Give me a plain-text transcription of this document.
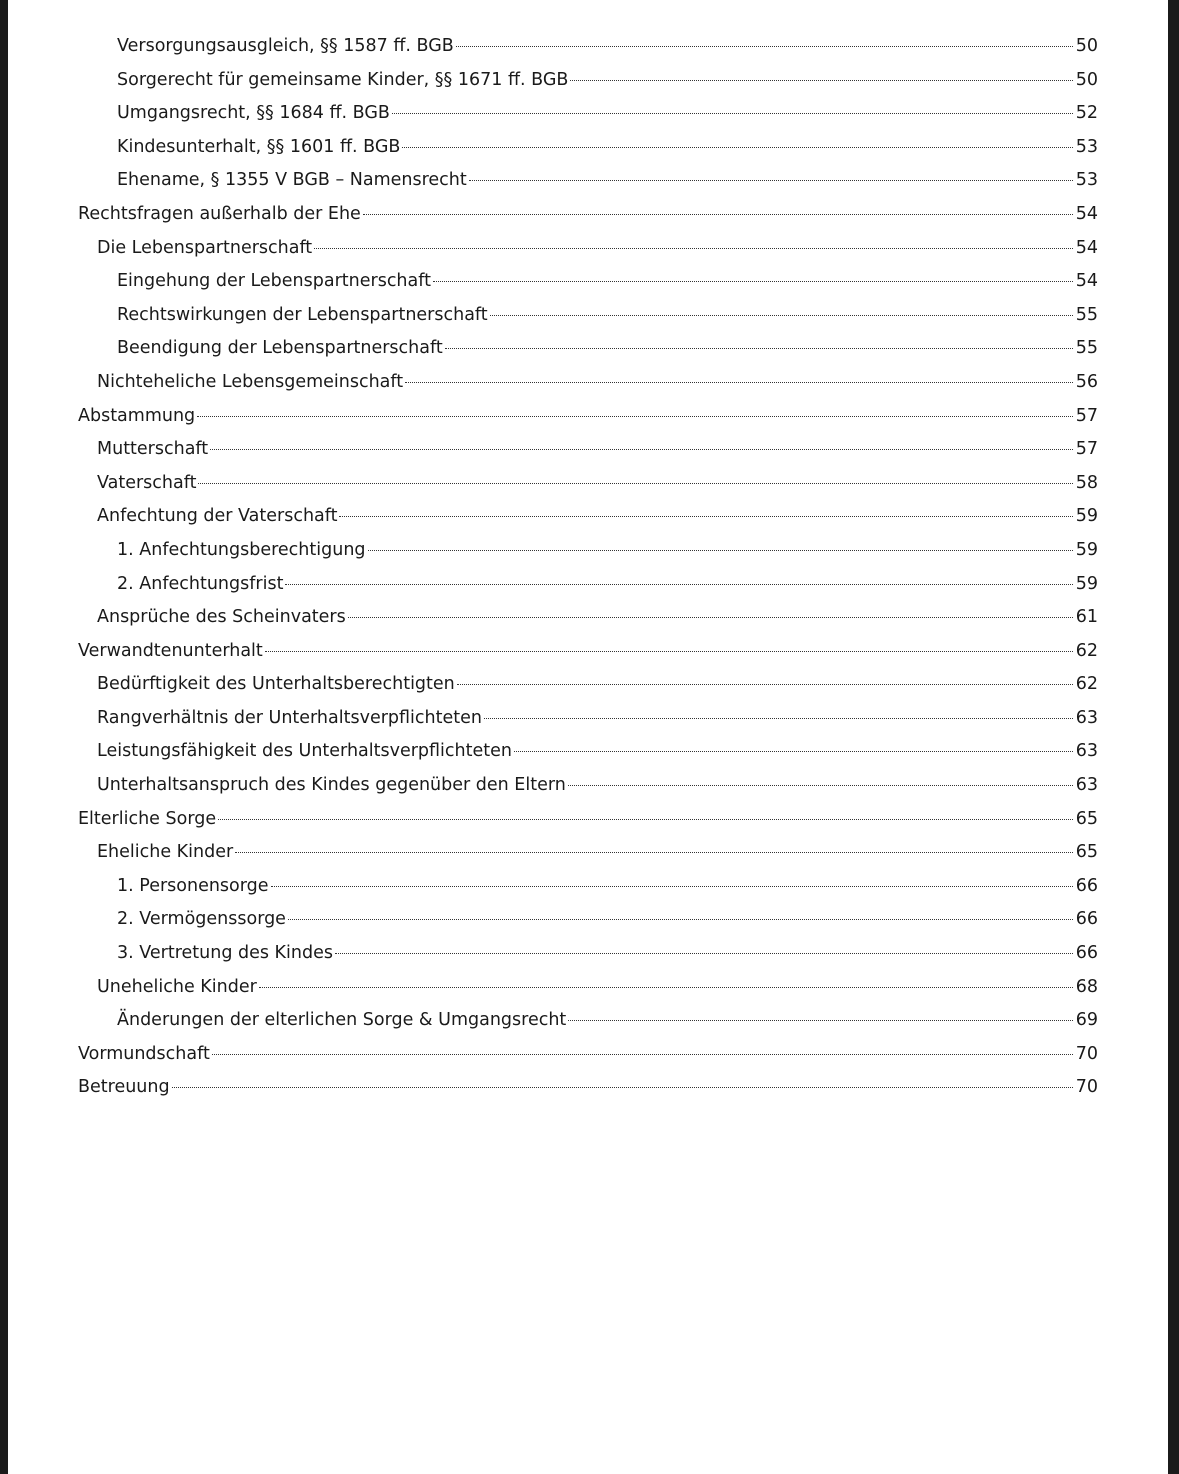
Versorgungsausgleich, §§ 1587 ff. BGB	50
Sorgerecht für gemeinsame Kinder, §§ 1671 ff. BGB	50
Umgangsrecht, §§ 1684 ff. BGB	52
Kindesunterhalt, §§ 1601 ff. BGB	53
Ehename, § 1355 V BGB – Namensrecht	53
Rechtsfragen außerhalb der Ehe	54
Die Lebenspartnerschaft	54
Eingehung der Lebenspartnerschaft	54
Rechtswirkungen der Lebenspartnerschaft	55
Beendigung der Lebenspartnerschaft	55
Nichteheliche Lebensgemeinschaft	56
Abstammung	57
Mutterschaft	57
Vaterschaft	58
Anfechtung der Vaterschaft	59
1. Anfechtungsberechtigung	59
2. Anfechtungsfrist	59
Ansprüche des Scheinvaters	61
Verwandtenunterhalt	62
Bedürftigkeit des Unterhaltsberechtigten	62
Rangverhältnis der Unterhaltsverpflichteten	63
Leistungsfähigkeit des Unterhaltsverpflichteten	63
Unterhaltsanspruch des Kindes gegenüber den Eltern	63
Elterliche Sorge	65
Eheliche Kinder	65
1. Personensorge	66
2. Vermögenssorge	66
3. Vertretung des Kindes	66
Uneheliche Kinder	68
Änderungen der elterlichen Sorge & Umgangsrecht	69
Vormundschaft	70
Betreuung	70
